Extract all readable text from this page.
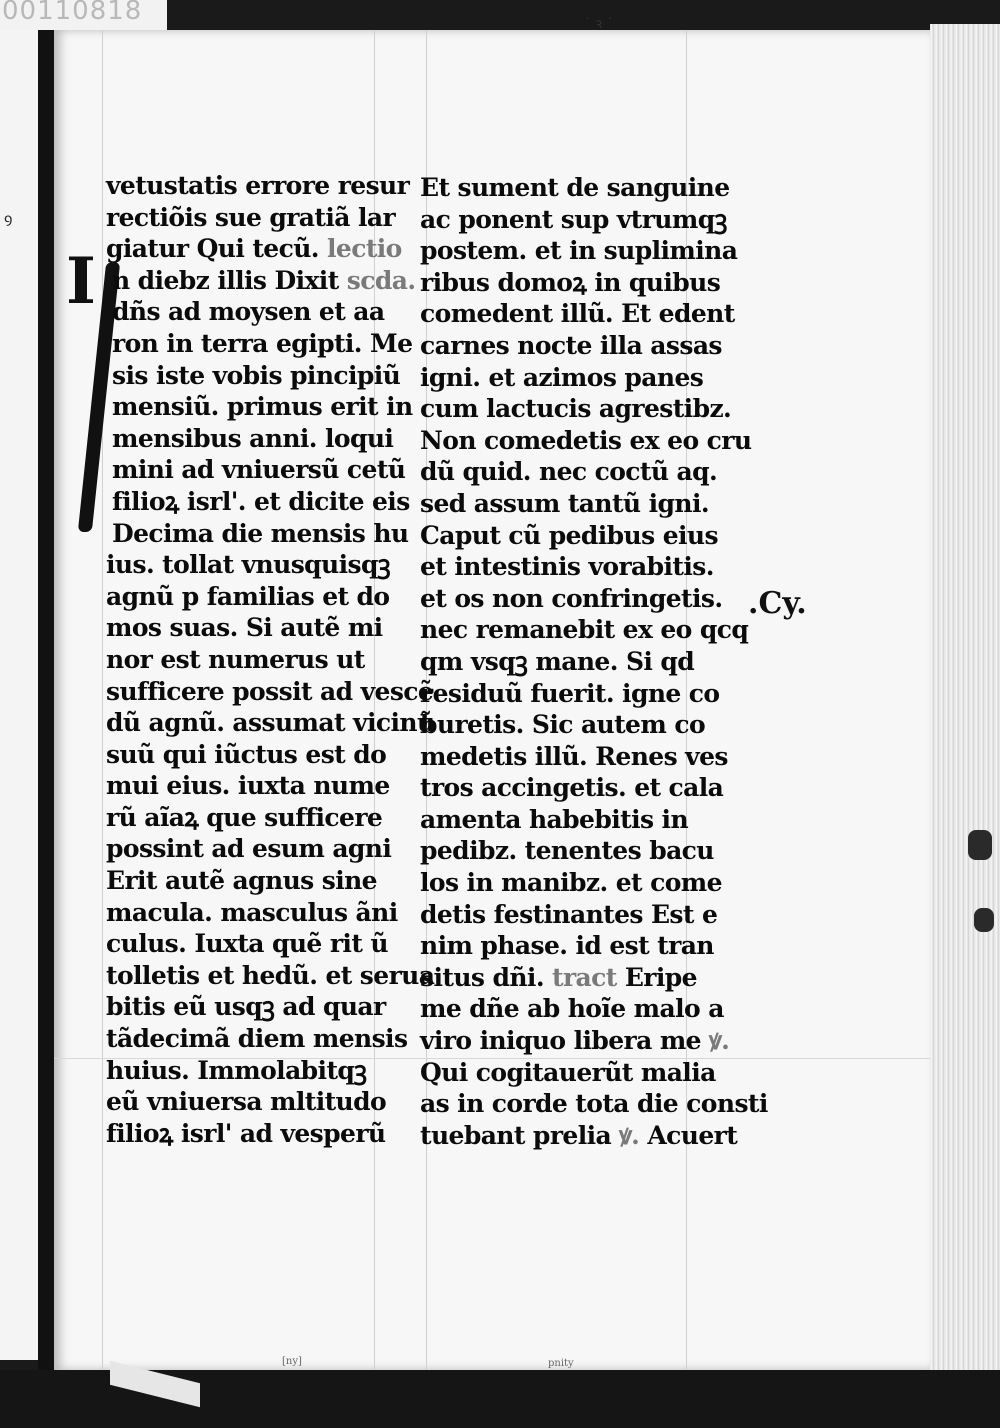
00110818
ꝰ
˙ ꝛ ˙
I
vetustatis errore resur
rectiõis sue gratiã lar
giatur Qui tecũ. lectio
n diebz illis Dixit scda.
dñs ad moysen et aa
ron in terra egipti. Me
sis iste vobis pincipiũ
mensiũ. primus erit in
mensibus anni. loqui
mini ad vniuersũ cetũ
filioꝝ isrl'. et dicite eis
Decima die mensis hu
ius. tollat vnusquisqꝫ
agnũ p familias et do
mos suas. Si autẽ mi
nor est numerus ut
sufficere possit ad vescẽ
dũ agnũ. assumat vicinũ
suũ qui iũctus est do
mui eius. iuxta nume
rũ aĩaꝝ que sufficere
possint ad esum agni
Erit autẽ agnus sine
macula. masculus ãni
culus. Iuxta quẽ rit ũ
tolletis et hedũ. et serua
bitis eũ usqꝫ ad quar
tãdecimã diem mensis
huius. Immolabitqꝫ
eũ vniuersa mltitudo
filioꝝ isrl' ad vesperũ
Et sument de sanguine
ac ponent sup vtrumqꝫ
postem. et in suplimina
ribus domoꝝ in quibus
comedent illũ. Et edent
carnes nocte illa assas
igni. et azimos panes
cum lactucis agrestibz.
Non comedetis ex eo cru
dũ quid. nec coctũ aq.
sed assum tantũ igni.
Caput cũ pedibus eius
et intestinis vorabitis.
et os non confringetis.
nec remanebit ex eo qcq
qm vsqꝫ mane. Si qd
residuũ fuerit. igne co
buretis. Sic autem co
medetis illũ. Renes ves
tros accingetis. et cala
amenta habebitis in
pedibz. tenentes bacu
los in manibz. et come
detis festinantes Est e
nim phase. id est tran
situs dñi. tract Eripe
me dñe ab hoĩe malo a
viro iniquo libera me ꝟ.
Qui cogitauerũt malia
as in corde tota die consti
tuebant prelia ꝟ. Acuert
.Cy.
[ny]	pnity
